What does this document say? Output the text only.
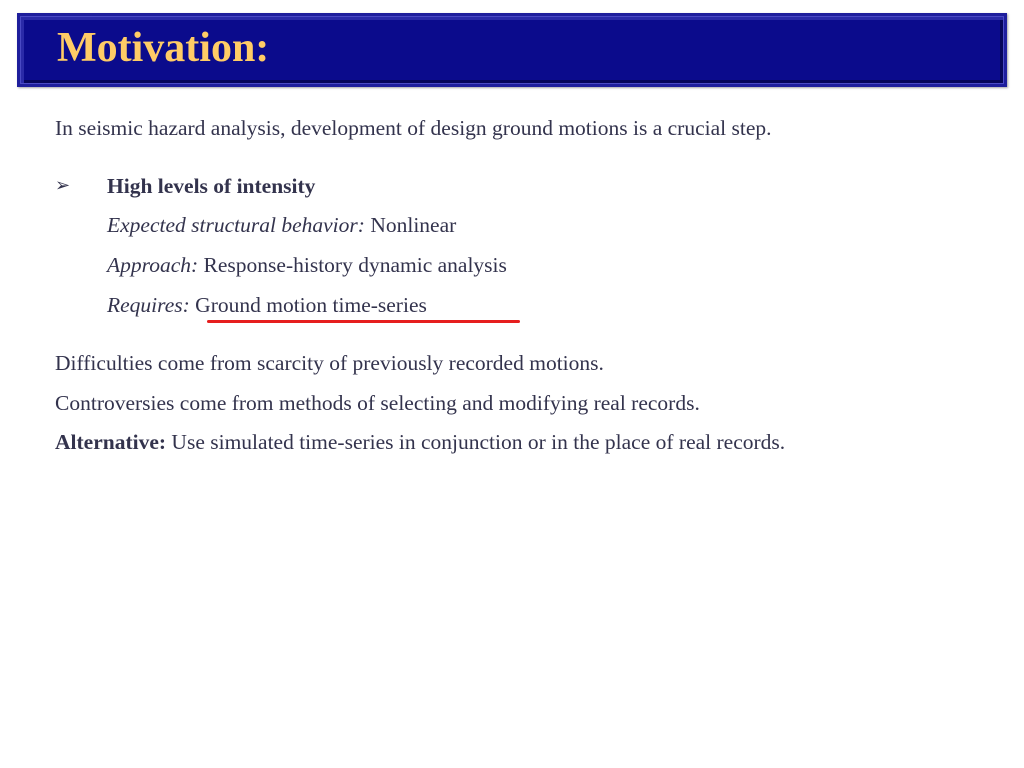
Motivation:

In seismic hazard analysis, development of design ground motions is a crucial step.

➢ High levels of intensity

Expected structural behavior: Nonlinear

Approach: Response-history dynamic analysis

Requires: Ground motion time-series

Difficulties come from scarcity of previously recorded motions.

Controversies come from methods of selecting and modifying real records.

Alternative: Use simulated time-series in conjunction or in the place of real records.
